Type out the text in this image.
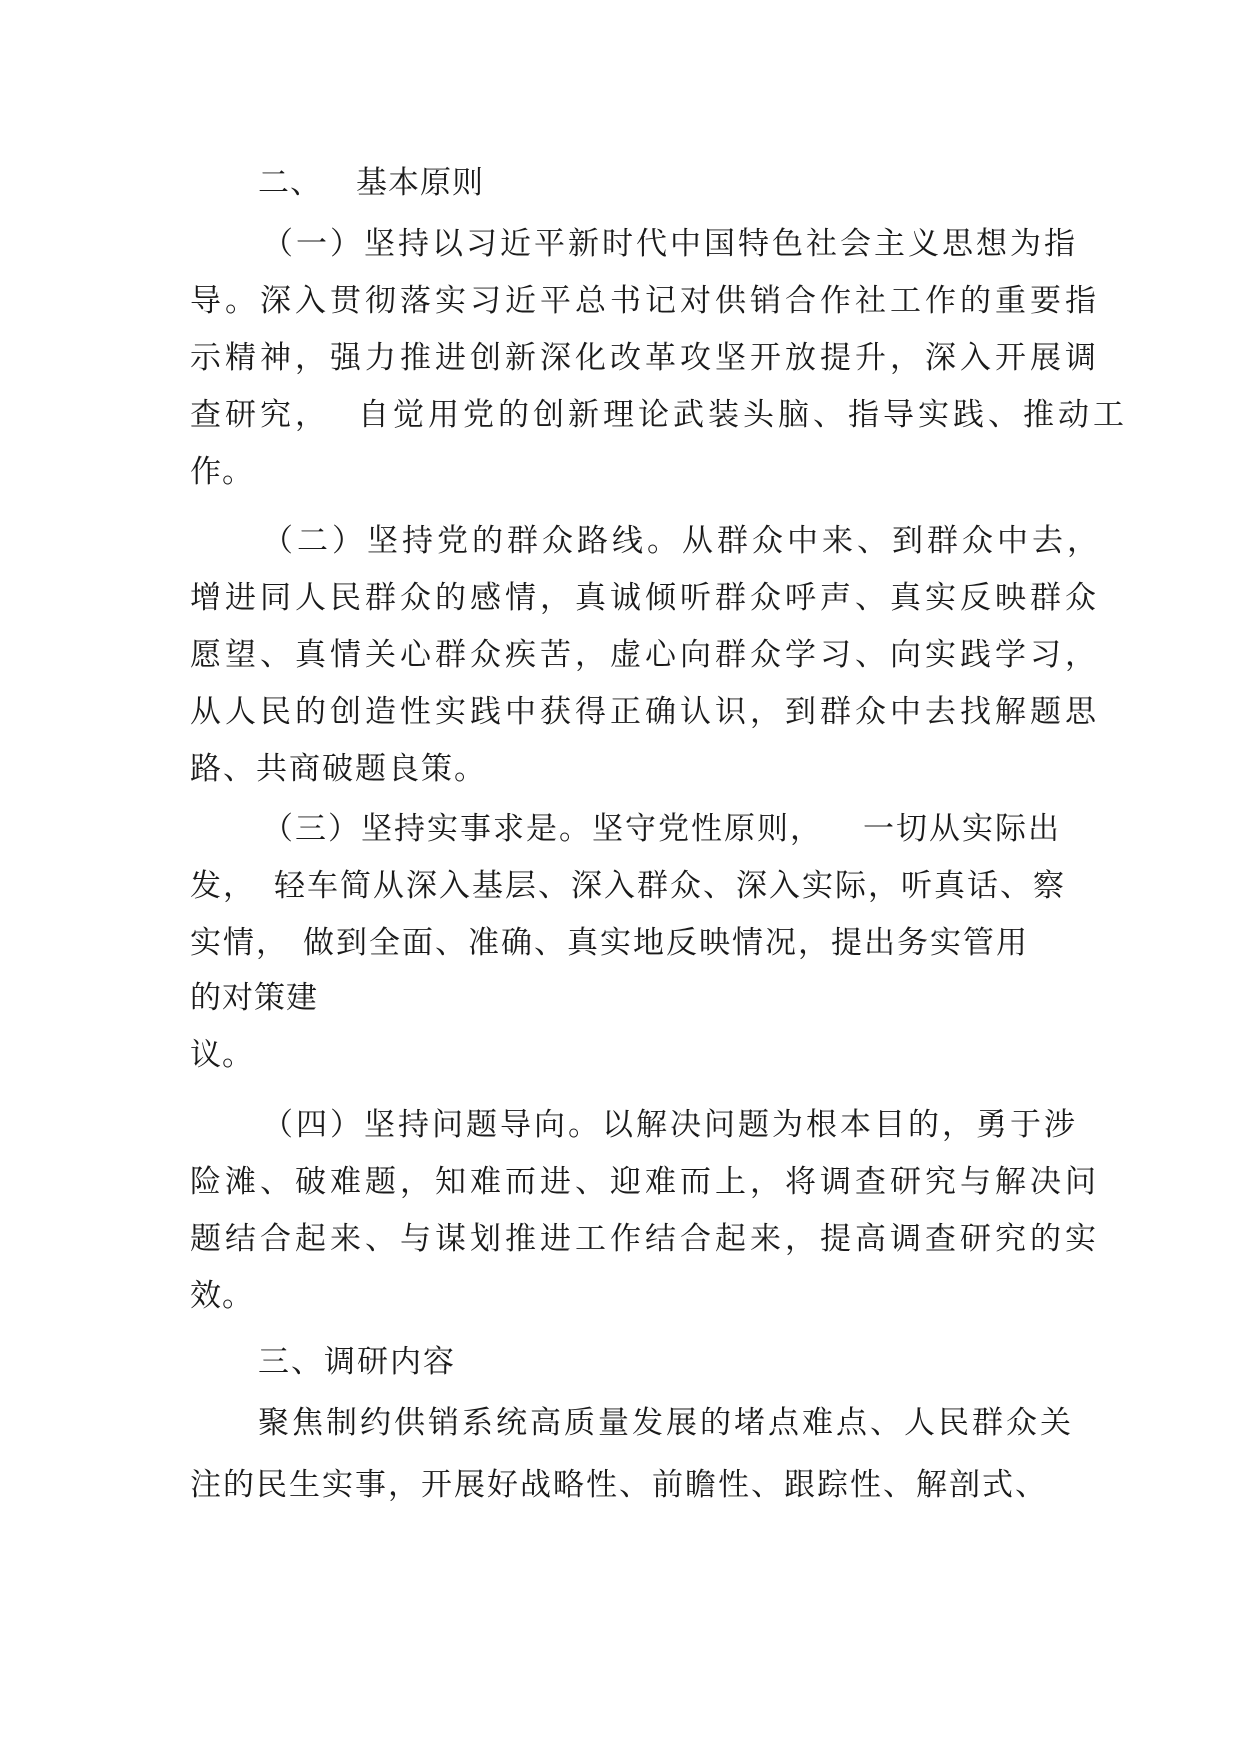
二、 基本原则
（一）坚持以习近平新时代中国特色社会主义思想为指
导。深入贯彻落实习近平总书记对供销合作社工作的重要指
示精神，强力推进创新深化改革攻坚开放提升，深入开展调
查研究， 自觉用党的创新理论武装头脑、指导实践、推动工
作。
（二）坚持党的群众路线。从群众中来、到群众中去，
增进同人民群众的感情，真诚倾听群众呼声、真实反映群众
愿望、真情关心群众疾苦，虚心向群众学习、向实践学习，
从人民的创造性实践中获得正确认识，到群众中去找解题思
路、共商破题良策。
（三）坚持实事求是。坚守党性原则， 一切从实际出
发， 轻车简从深入基层、深入群众、深入实际，听真话、察
实情， 做到全面、准确、真实地反映情况，提出务实管用
的对策建
议。
（四）坚持问题导向。以解决问题为根本目的，勇于涉
险滩、破难题，知难而进、迎难而上，将调查研究与解决问
题结合起来、与谋划推进工作结合起来，提高调查研究的实
效。
三、调研内容
聚焦制约供销系统高质量发展的堵点难点、人民群众关
注的民生实事，开展好战略性、前瞻性、跟踪性、解剖式、
